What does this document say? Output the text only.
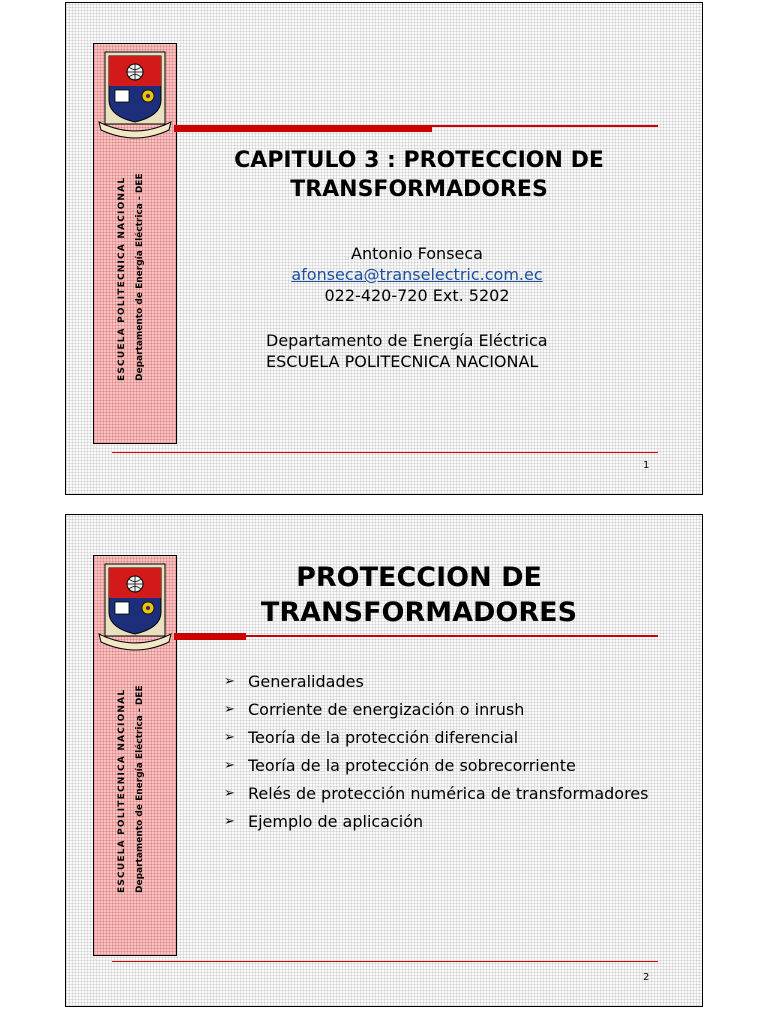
ESCUELA POLITECNICA NACIONAL Departamento de Energía Eléctrica - DEE
CAPITULO 3 : PROTECCION DE
TRANSFORMADORES
Antonio Fonseca
afonseca@transelectric.com.ec
022-420-720 Ext. 5202
Departamento de Energía Eléctrica
ESCUELA POLITECNICA NACIONAL
1
ESCUELA POLITECNICA NACIONAL Departamento de Energía Eléctrica - DEE
PROTECCION DE
TRANSFORMADORES
➢ Generalidades
➢ Corriente de energización o inrush
➢ Teoría de la protección diferencial
➢ Teoría de la protección de sobrecorriente
➢ Relés de protección numérica de transformadores
➢ Ejemplo de aplicación
2
